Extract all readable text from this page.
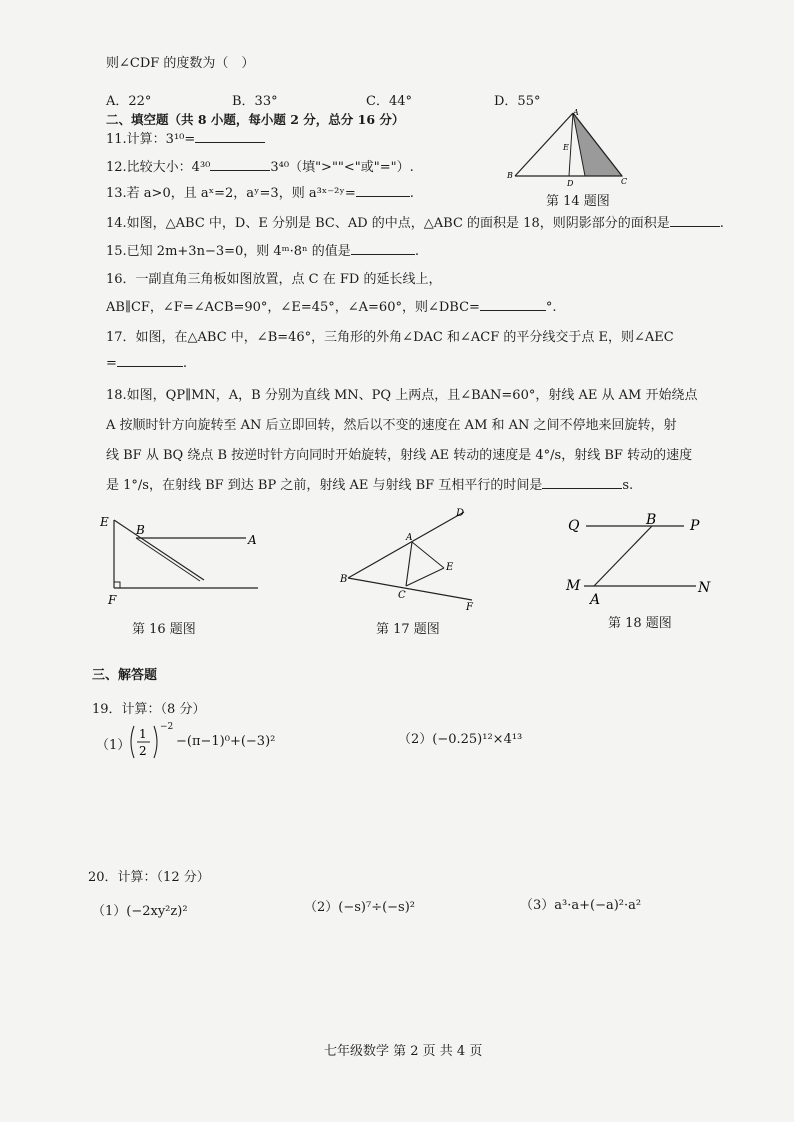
则∠CDF 的度数为（　）
A．22°	B．33°	C．44°	D．55°
二、填空题（共 8 小题，每小题 2 分，总分 16 分）
11.计算：3¹⁰=
12.比较大小：4³⁰	3⁴⁰（填">""<"或"="）.
13.若 a>0，且 aˣ=2，aʸ=3，则 a³ˣ⁻²ʸ=	.
14.如图，△ABC 中，D、E 分别是 BC、AD 的中点，△ABC 的面积是 18，则阴影部分的面积是	.
15.已知 2m+3n−3=0，则 4ᵐ·8ⁿ 的值是	.
A
B
C
D
E
第 14 题图
16．一副直角三角板如图放置，点 C 在 FD 的延长线上，
AB∥CF，∠F=∠ACB=90°，∠E=45°，∠A=60°，则∠DBC=	°.
17．如图，在△ABC 中，∠B=46°，三角形的外角∠DAC 和∠ACF 的平分线交于点 E，则∠AEC
=	.
18.如图，QP∥MN，A，B 分别为直线 MN、PQ 上两点，且∠BAN=60°，射线 AE 从 AM 开始绕点
A 按顺时针方向旋转至 AN 后立即回转，然后以不变的速度在 AM 和 AN 之间不停地来回旋转，射
线 BF 从 BQ 绕点 B 按逆时针方向同时开始旋转，射线 AE 转动的速度是 4°/s，射线 BF 转动的速度
是 1°/s，在射线 BF 到达 BP 之前，射线 AE 与射线 BF 互相平行的时间是	s.
E
B
A
F
第 16 题图
D
A
E
B
C
F
第 17 题图
Q	B P
M
A
N
第 18 题图
三、解答题
19．计算：（8 分）
（1）
1
2
−2
−(π−1)⁰+(−3)²	（2）(−0.25)¹²×4¹³
20．计算：（12 分）
（1）(−2xy²z)²	（2）(−s)⁷÷(−s)²	（3）a³·a+(−a)²·a²
七年级数学 第 2 页 共 4 页
